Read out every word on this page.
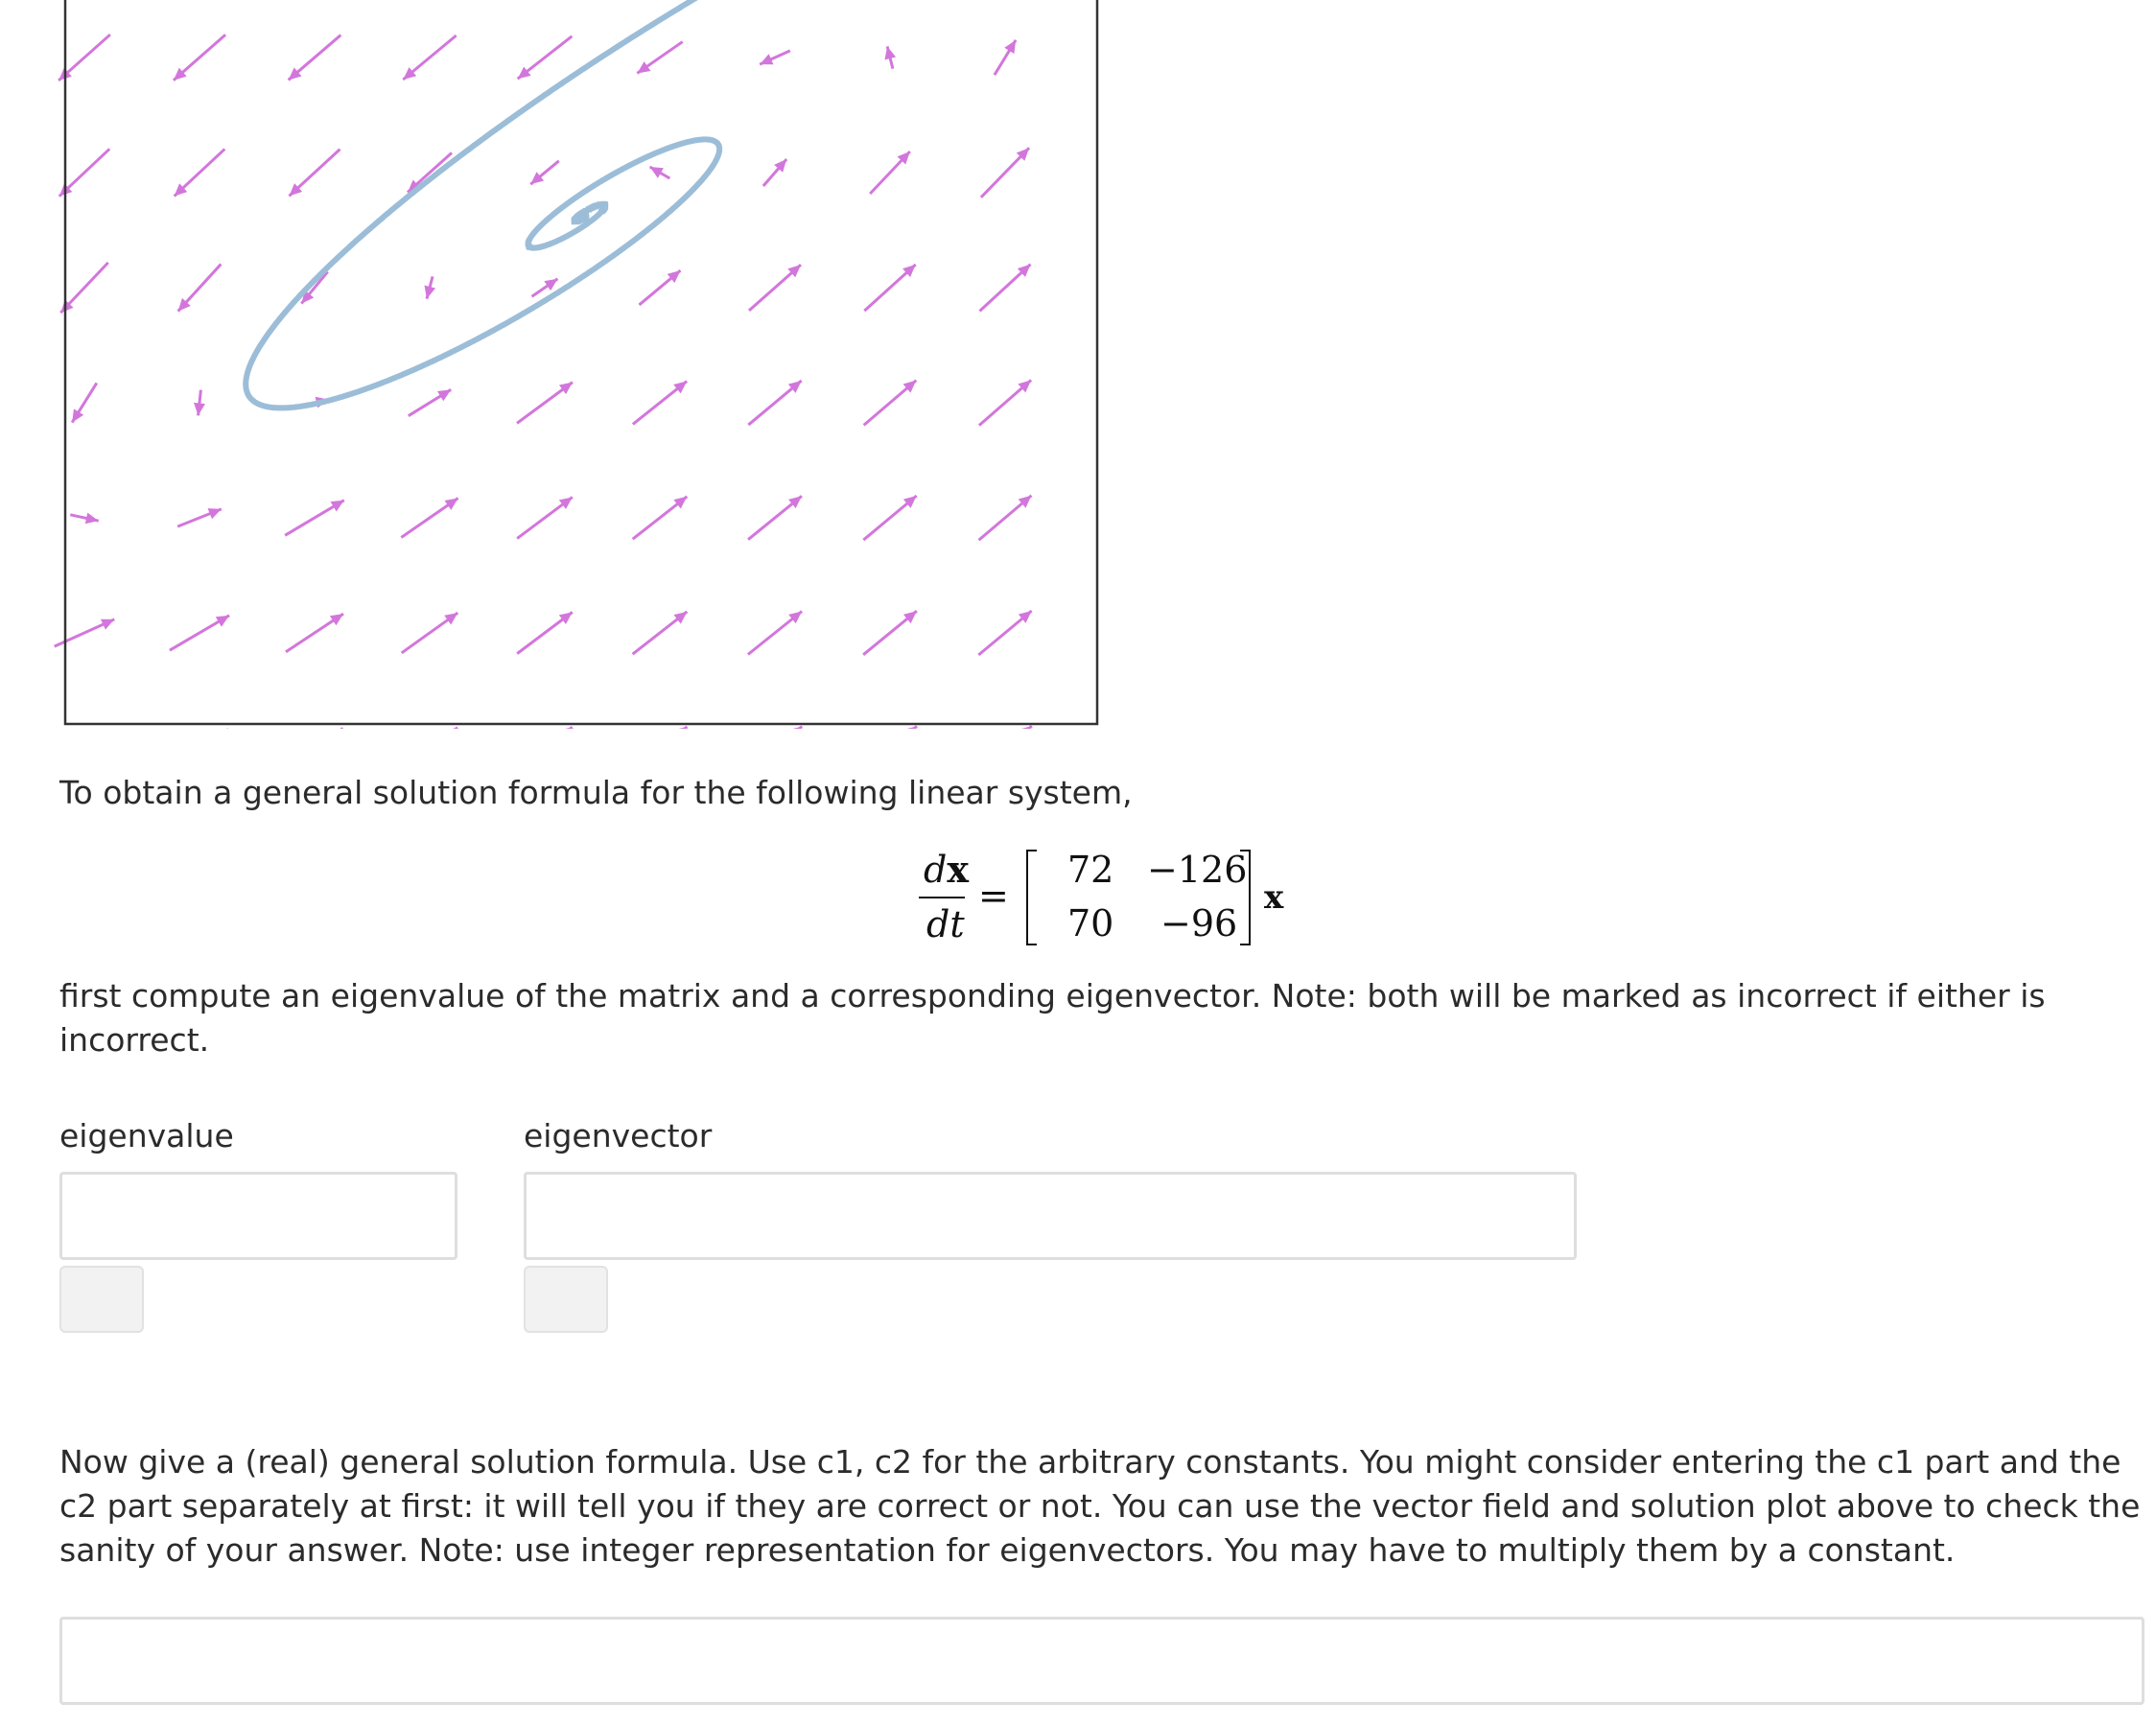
To obtain a general solution formula for the following linear system,
dx
dt
=
72 −126
70 −96
x
first compute an eigenvalue of the matrix and a corresponding eigenvector. Note: both will be marked as incorrect if either is incorrect.
eigenvalue	eigenvector
Now give a (real) general solution formula. Use c1, c2 for the arbitrary constants. You might consider entering the c1 part and the c2 part separately at first: it will tell you if they are correct or not. You can use the vector field and solution plot above to check the sanity of your answer. Note: use integer representation for eigenvectors. You may have to multiply them by a constant.
